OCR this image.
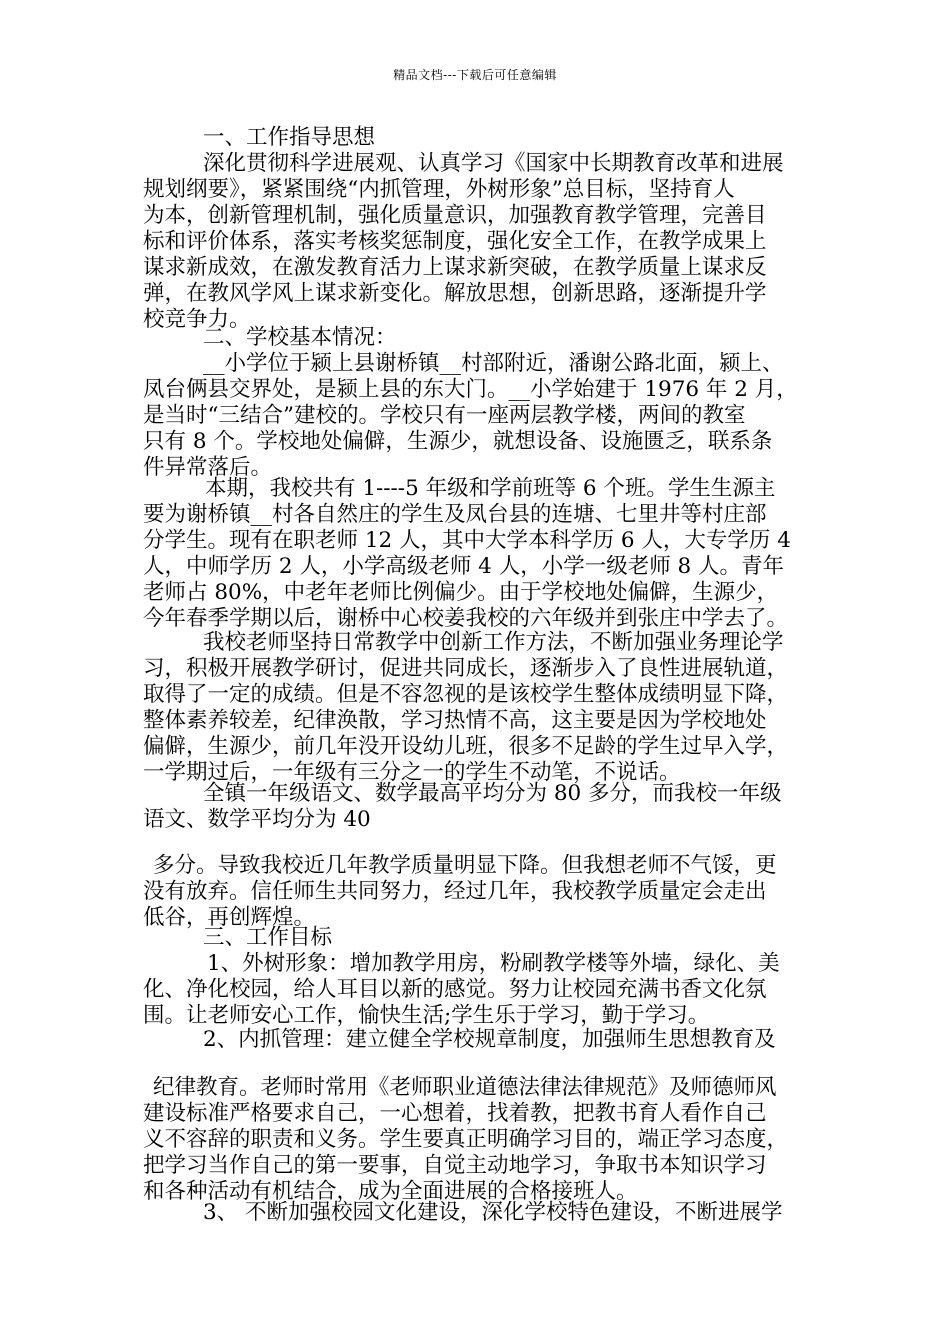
精品文档---下载后可任意编辑
一、工作指导思想
深化贯彻科学进展观、认真学习《国家中长期教育改革和进展
规划纲要》，紧紧围绕“内抓管理，外树形象”总目标，坚持育人
为本，创新管理机制，强化质量意识，加强教育教学管理，完善目
标和评价体系，落实考核奖惩制度，强化安全工作，在教学成果上
谋求新成效，在激发教育活力上谋求新突破，在教学质量上谋求反
弹，在教风学风上谋求新变化。解放思想，创新思路，逐渐提升学
校竞争力。
二、学校基本情况：
__小学位于颍上县谢桥镇__村部附近，潘谢公路北面，颍上、
凤台俩县交界处，是颍上县的东大门。__小学始建于 1976 年 2 月，
是当时“三结合”建校的。学校只有一座两层教学楼，两间的教室
只有 8 个。学校地处偏僻，生源少，就想设备、设施匮乏，联系条
件异常落后。
本期，我校共有 1----5 年级和学前班等 6 个班。学生生源主
要为谢桥镇__村各自然庄的学生及凤台县的连塘、七里井等村庄部
分学生。现有在职老师 12 人，其中大学本科学历 6 人，大专学历 4
人，中师学历 2 人，小学高级老师 4 人，小学一级老师 8 人。青年
老师占 80%，中老年老师比例偏少。由于学校地处偏僻，生源少，
今年春季学期以后，谢桥中心校姜我校的六年级并到张庄中学去了。
我校老师坚持日常教学中创新工作方法，不断加强业务理论学
习，积极开展教学研讨，促进共同成长，逐渐步入了良性进展轨道，
取得了一定的成绩。但是不容忽视的是该校学生整体成绩明显下降，
整体素养较差，纪律涣散，学习热情不高，这主要是因为学校地处
偏僻，生源少，前几年没开设幼儿班，很多不足龄的学生过早入学，
一学期过后，一年级有三分之一的学生不动笔，不说话。
全镇一年级语文、数学最高平均分为 80 多分，而我校一年级
语文、数学平均分为 40
多分。导致我校近几年教学质量明显下降。但我想老师不气馁，更
没有放弃。信任师生共同努力，经过几年，我校教学质量定会走出
低谷，再创辉煌。
三、工作目标
1、外树形象：增加教学用房，粉刷教学楼等外墙，绿化、美
化、净化校园，给人耳目以新的感觉。努力让校园充满书香文化氛
围。让老师安心工作，愉快生活;学生乐于学习，勤于学习。
2、内抓管理：建立健全学校规章制度，加强师生思想教育及
纪律教育。老师时常用《老师职业道德法律法律规范》及师德师风
建设标准严格要求自己，一心想着，找着教，把教书育人看作自己
义不容辞的职责和义务。学生要真正明确学习目的，端正学习态度，
把学习当作自己的第一要事，自觉主动地学习，争取书本知识学习
和各种活动有机结合，成为全面进展的合格接班人。
3、 不断加强校园文化建设，深化学校特色建设，不断进展学
